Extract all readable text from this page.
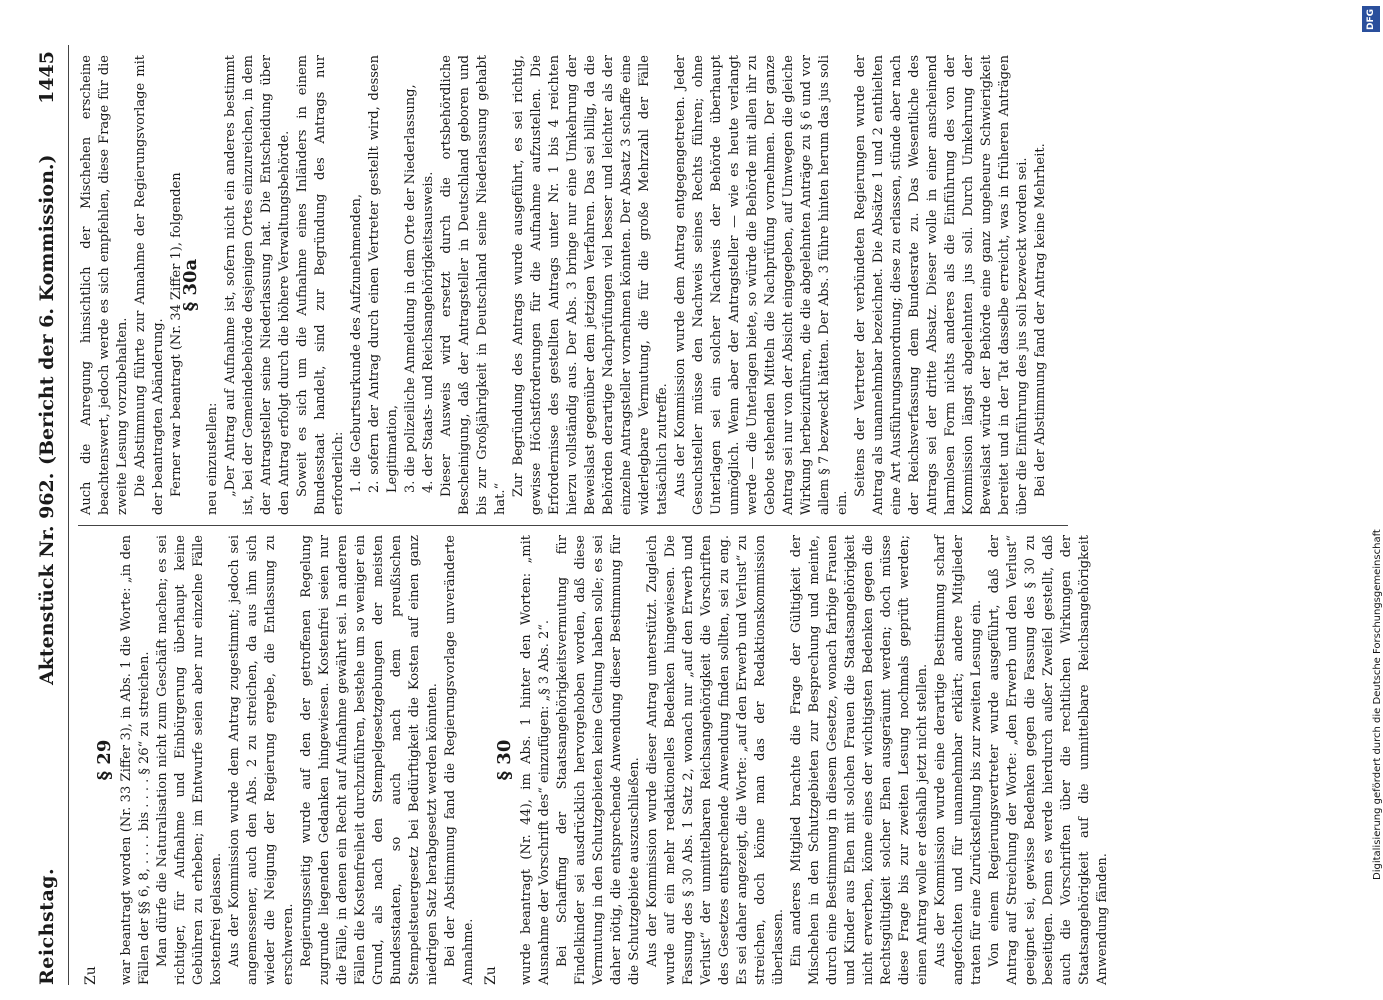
DFG
Digitalisierung gefördert durch die Deutsche Forschungsgemeinschaft
Reichstag.
Aktenstück Nr. 962.
(Bericht der 6. Kommission.)
1445

Zu

§ 29 war beantragt worden (Nr. 33 Ziffer 3), in Abs. 1 die Worte: „in den Fällen der §§ 6, 8, . . . . bis . . . . § 26“ zu streichen. Man dürfe die Naturalisation nicht zum Geschäft machen; es sei richtiger, für Aufnahme und Einbürgerung überhaupt keine Gebühren zu erheben; im Entwurfe seien aber nur einzelne Fälle kostenfrei gelassen. Aus der Kommission wurde dem Antrag zugestimmt; jedoch sei angemessener, auch den Abs. 2 zu streichen, da aus ihm sich wieder die Neigung der Regierung ergebe, die Entlassung zu erschweren. Regierungsseitig wurde auf den der getroffenen Regelung zugrunde liegenden Gedanken hingewiesen. Kostenfrei seien nur die Fälle, in denen ein Recht auf Aufnahme gewährt sei. In anderen Fällen die Kostenfreiheit durchzuführen, bestehe um so weniger ein Grund, als nach den Stempelgesetzgebungen der meisten Bundesstaaten, so auch nach dem preußischen Stempelsteuergesetz bei Bedürftigkeit die Kosten auf einen ganz niedrigen Satz herabgesetzt werden könnten. Bei der Abstimmung fand die Regierungsvorlage unveränderte Annahme. Zu

§ 30 wurde beantragt (Nr. 44), im Abs. 1 hinter den Worten: „mit Ausnahme der Vorschrift des“ einzufügen: „§ 3 Abs. 2“. Bei Schaffung der Staatsangehörigkeitsvermutung für Findelkinder sei ausdrücklich hervorgehoben worden, daß diese Vermutung in den Schutzgebieten keine Geltung haben solle; es sei daher nötig, die entsprechende Anwendung dieser Bestimmung für die Schutzgebiete auszuschließen. Aus der Kommission wurde dieser Antrag unterstützt. Zugleich wurde auf ein mehr redaktionelles Bedenken hingewiesen. Die Fassung des § 30 Abs. 1 Satz 2, wonach nur „auf den Erwerb und Verlust“ der unmittelbaren Reichsangehörigkeit die Vorschriften des Gesetzes entsprechende Anwendung finden sollten, sei zu eng. Es sei daher angezeigt, die Worte: „auf den Erwerb und Verlust“ zu streichen, doch könne man das der Redaktionskommission überlassen. Ein anderes Mitglied brachte die Frage der Gültigkeit der Mischehen in den Schutzgebieten zur Besprechung und meinte, durch eine Bestimmung in diesem Gesetze, wonach farbige Frauen und Kinder aus Ehen mit solchen Frauen die Staatsangehörigkeit nicht erwerben, könne eines der wichtigsten Bedenken gegen die Rechtsgültigkeit solcher Ehen ausgeräumt werden; doch müsse diese Frage bis zur zweiten Lesung nochmals geprüft werden; einen Antrag wolle er deshalb jetzt nicht stellen. Aus der Kommission wurde eine derartige Bestimmung scharf angefochten und für unannehmbar erklärt; andere Mitglieder traten für eine Zurückstellung bis zur zweiten Lesung ein. Von einem Regierungsvertreter wurde ausgeführt, daß der Antrag auf Streichung der Worte: „den Erwerb und den Verlust“ geeignet sei, gewisse Bedenken gegen die Fassung des § 30 zu beseitigen. Denn es werde hierdurch außer Zweifel gestellt, daß auch die Vorschriften über die rechtlichen Wirkungen der Staatsangehörigkeit auf die unmittelbare Reichsangehörigkeit Anwendung fänden.

Auch die Anregung hinsichtlich der Mischehen erscheine beachtenswert, jedoch werde es sich empfehlen, diese Frage für die zweite Lesung vorzubehalten. Die Abstimmung führte zur Annahme der Regierungsvorlage mit der beantragten Abänderung. Ferner war beantragt (Nr. 34 Ziffer 1), folgenden

§ 30a

neu einzustellen: „Der Antrag auf Aufnahme ist, sofern nicht ein anderes bestimmt ist, bei der Gemeindebehörde desjenigen Ortes einzureichen, in dem der Antragsteller seine Niederlassung hat. Die Entscheidung über den Antrag erfolgt durch die höhere Verwaltungsbehörde. Soweit es sich um die Aufnahme eines Inländers in einem Bundesstaat handelt, sind zur Begründung des Antrags nur erforderlich: 1. die Geburtsurkunde des Aufzunehmenden, 2. sofern der Antrag durch einen Vertreter gestellt wird, dessen Legitimation, 3. die polizeiliche Anmeldung in dem Orte der Niederlassung, 4. der Staats- und Reichsangehörigkeitsausweis. Dieser Ausweis wird ersetzt durch die ortsbehördliche Bescheinigung, daß der Antragsteller in Deutschland geboren und bis zur Großjährigkeit in Deutschland seine Niederlassung gehabt hat.“

Zur Begründung des Antrags wurde ausgeführt, es sei richtig, gewisse Höchstforderungen für die Aufnahme aufzustellen. Die Erfordernisse des gestellten Antrags unter Nr. 1 bis 4 reichten hierzu vollständig aus. Der Abs. 3 bringe nur eine Umkehrung der Beweislast gegenüber dem jetzigen Verfahren. Das sei billig, da die Behörden derartige Nachprüfungen viel besser und leichter als der einzelne Antragsteller vornehmen könnten. Der Absatz 3 schaffe eine widerlegbare Vermutung, die für die große Mehrzahl der Fälle tatsächlich zutreffe. Aus der Kommission wurde dem Antrag entgegengetreten. Jeder Gesuchsteller müsse den Nachweis seines Rechts führen; ohne Unterlagen sei ein solcher Nachweis der Behörde überhaupt unmöglich. Wenn aber der Antragsteller — wie es heute verlangt werde — die Unterlagen biete, so würde die Behörde mit allen ihr zu Gebote stehenden Mitteln die Nachprüfung vornehmen. Der ganze Antrag sei nur von der Absicht eingegeben, auf Umwegen die gleiche Wirkung herbeizuführen, die die abgelehnten Anträge zu § 6 und vor allem § 7 bezweckt hätten. Der Abs. 3 führe hinten herum das jus soli ein.

Seitens der Vertreter der verbündeten Regierungen wurde der Antrag als unannehmbar bezeichnet. Die Absätze 1 und 2 enthielten eine Art Ausführungsanordnung; diese zu erlassen, stünde aber nach der Reichsverfassung dem Bundesrate zu. Das Wesentliche des Antrags sei der dritte Absatz. Dieser wolle in einer anscheinend harmlosen Form nichts anderes als die Einführung des von der Kommission längst abgelehnten jus soli. Durch Umkehrung der Beweislast würde der Behörde eine ganz ungeheure Schwierigkeit bereitet und in der Tat dasselbe erreicht, was in früheren Anträgen über die Einführung des jus soli bezweckt worden sei. Bei der Abstimmung fand der Antrag keine Mehrheit.
